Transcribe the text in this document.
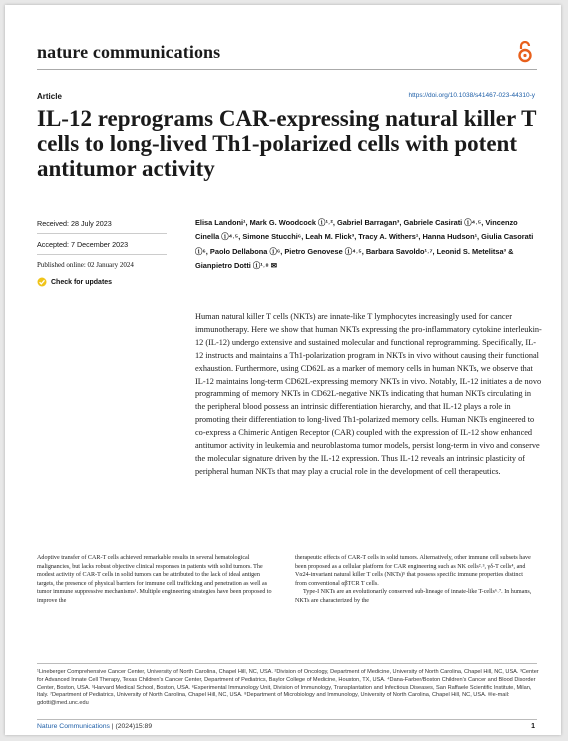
nature communications
Article	https://doi.org/10.1038/s41467-023-44310-y
IL-12 reprograms CAR-expressing natural killer T cells to long-lived Th1-polarized cells with potent antitumor activity
Received: 28 July 2023
Accepted: 7 December 2023
Published online: 02 January 2024
Check for updates

Elisa Landoni¹, Mark G. Woodcock ⓘ¹˒², Gabriel Barragan³, Gabriele Casirati ⓘ⁴˒⁵, Vincenzo Cinella ⓘ⁴˒⁵, Simone Stucchi⁶, Leah M. Flick³, Tracy A. Withers¹, Hanna Hudson¹, Giulia Casorati ⓘ⁶, Paolo Dellabona ⓘ⁶, Pietro Genovese ⓘ⁴˒⁵, Barbara Savoldo¹˒⁷, Leonid S. Metelitsa³ & Gianpietro Dotti ⓘ¹˒⁸ ✉

Human natural killer T cells (NKTs) are innate-like T lymphocytes increasingly used for cancer immunotherapy. Here we show that human NKTs expressing the pro-inflammatory cytokine interleukin-12 (IL-12) undergo extensive and sustained molecular and functional reprogramming. Specifically, IL-12 instructs and maintains a Th1-polarization program in NKTs in vivo without causing their functional exhaustion. Furthermore, using CD62L as a marker of memory cells in human NKTs, we observe that IL-12 maintains long-term CD62L-expressing memory NKTs in vivo. Notably, IL-12 initiates a de novo programming of memory NKTs in CD62L-negative NKTs indicating that human NKTs circulating in the peripheral blood possess an intrinsic differentiation hierarchy, and that IL-12 plays a role in promoting their differentiation to long-lived Th1-polarized memory cells. Human NKTs engineered to co-express a Chimeric Antigen Receptor (CAR) coupled with the expression of IL-12 show enhanced antitumor activity in leukemia and neuroblastoma tumor models, persist long-term in vivo and conserve the molecular signature driven by the IL-12 expression. Thus IL-12 reveals an intrinsic plasticity of peripheral human NKTs that may play a crucial role in the development of cell therapeutics.

Adoptive transfer of CAR-T cells achieved remarkable results in several hematological malignancies, but lacks robust objective clinical responses in patients with solid tumors. The modest activity of CAR-T cells in solid tumors can be attributed to the lack of ideal antigen targets, the presence of physical barriers for immune cell trafficking and penetration as well as tumor immune suppressive mechanisms¹. Multiple engineering strategies have been proposed to improve the

therapeutic effects of CAR-T cells in solid tumors. Alternatively, other immune cell subsets have been proposed as a cellular platform for CAR engineering such as NK cells²˒³, γδ-T cells⁴, and Vα24-invariant natural killer T cells (NKTs)⁵ that possess specific immune properties distinct from conventional αβTCR T cells.

Type-I NKTs are an evolutionarily conserved sub-lineage of innate-like T-cells⁶˒⁷. In humans, NKTs are characterized by the

¹Lineberger Comprehensive Cancer Center, University of North Carolina, Chapel Hill, NC, USA. ²Division of Oncology, Department of Medicine, University of North Carolina, Chapel Hill, NC, USA. ³Center for Advanced Innate Cell Therapy, Texas Children's Cancer Center, Department of Pediatrics, Baylor College of Medicine, Houston, TX, USA. ⁴Dana-Farber/Boston Children's Cancer and Blood Disorder Center, Boston, USA. ⁵Harvard Medical School, Boston, USA. ⁶Experimental Immunology Unit, Division of Immunology, Transplantation and Infectious Diseases, San Raffaele Scientific Institute, Milan, Italy. ⁷Department of Pediatrics, University of North Carolina, Chapel Hill, NC, USA. ⁸Department of Microbiology and Immunology, University of North Carolina, Chapel Hill, NC, USA. ✉e-mail: gdotti@med.unc.edu

Nature Communications | (2024)15:89	1
